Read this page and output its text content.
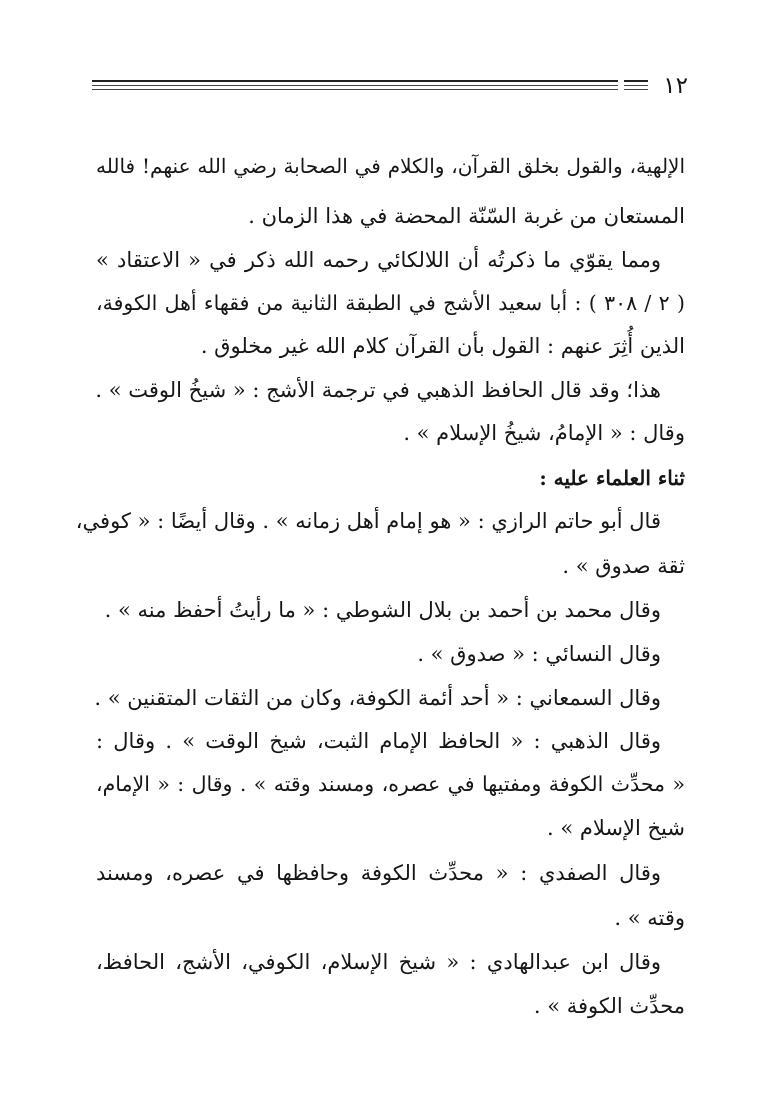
١٢
الإلهية، والقول بخلق القرآن، والكلام في الصحابة رضي الله عنهم! فالله
المستعان من غربة السّنّة المحضة في هذا الزمان .
ومما يقوّي ما ذكرتُه أن اللالكائي رحمه الله ذكر في « الاعتقاد »
( ٢ / ٣٠٨ ) : أبا سعيد الأشج في الطبقة الثانية من فقهاء أهل الكوفة،
الذين أُثِرَ عنهم : القول بأن القرآن كلام الله غير مخلوق .
هذا؛ وقد قال الحافظ الذهبي في ترجمة الأشج : « شيخُ الوقت » .
وقال : « الإمامُ، شيخُ الإسلام » .
ثناء العلماء عليه :
قال أبو حاتم الرازي : « هو إمام أهل زمانه » . وقال أيضًا : « كوفي،
ثقة صدوق » .
وقال محمد بن أحمد بن بلال الشوطي : « ما رأيتُ أحفظ منه » .
وقال النسائي : « صدوق » .
وقال السمعاني : « أحد أئمة الكوفة، وكان من الثقات المتقنين » .
وقال الذهبي : « الحافظ الإمام الثبت، شيخ الوقت » . وقال :
« محدِّث الكوفة ومفتيها في عصره، ومسند وقته » . وقال : « الإمام،
شيخ الإسلام » .
وقال الصفدي : « محدِّث الكوفة وحافظها في عصره، ومسند
وقته » .
وقال ابن عبدالهادي : « شيخ الإسلام، الكوفي، الأشج، الحافظ،
محدِّث الكوفة » .
